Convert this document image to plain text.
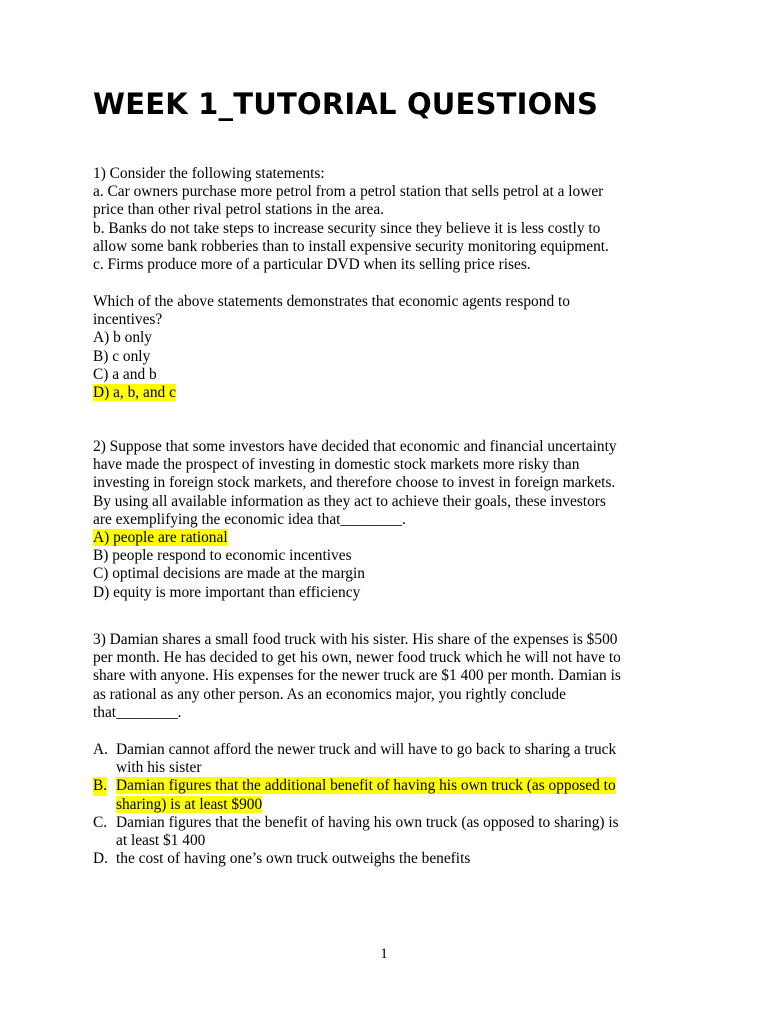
WEEK 1_TUTORIAL QUESTIONS
1) Consider the following statements:
a. Car owners purchase more petrol from a petrol station that sells petrol at a lower
price than other rival petrol stations in the area.
b. Banks do not take steps to increase security since they believe it is less costly to
allow some bank robberies than to install expensive security monitoring equipment.
c. Firms produce more of a particular DVD when its selling price rises.
Which of the above statements demonstrates that economic agents respond to
incentives?
A) b only
B) c only
C) a and b
D) a, b, and c
2) Suppose that some investors have decided that economic and financial uncertainty
have made the prospect of investing in domestic stock markets more risky than
investing in foreign stock markets, and therefore choose to invest in foreign markets.
By using all available information as they act to achieve their goals, these investors
are exemplifying the economic idea that________.
A) people are rational
B) people respond to economic incentives
C) optimal decisions are made at the margin
D) equity is more important than efficiency
3) Damian shares a small food truck with his sister. His share of the expenses is $500
per month. He has decided to get his own, newer food truck which he will not have to
share with anyone. His expenses for the newer truck are $1 400 per month. Damian is
as rational as any other person. As an economics major, you rightly conclude
that________.
A. Damian cannot afford the newer truck and will have to go back to sharing a truck
with his sister
B. Damian figures that the additional benefit of having his own truck (as opposed to
sharing) is at least $900
C. Damian figures that the benefit of having his own truck (as opposed to sharing) is
at least $1 400
D. the cost of having one’s own truck outweighs the benefits
1
